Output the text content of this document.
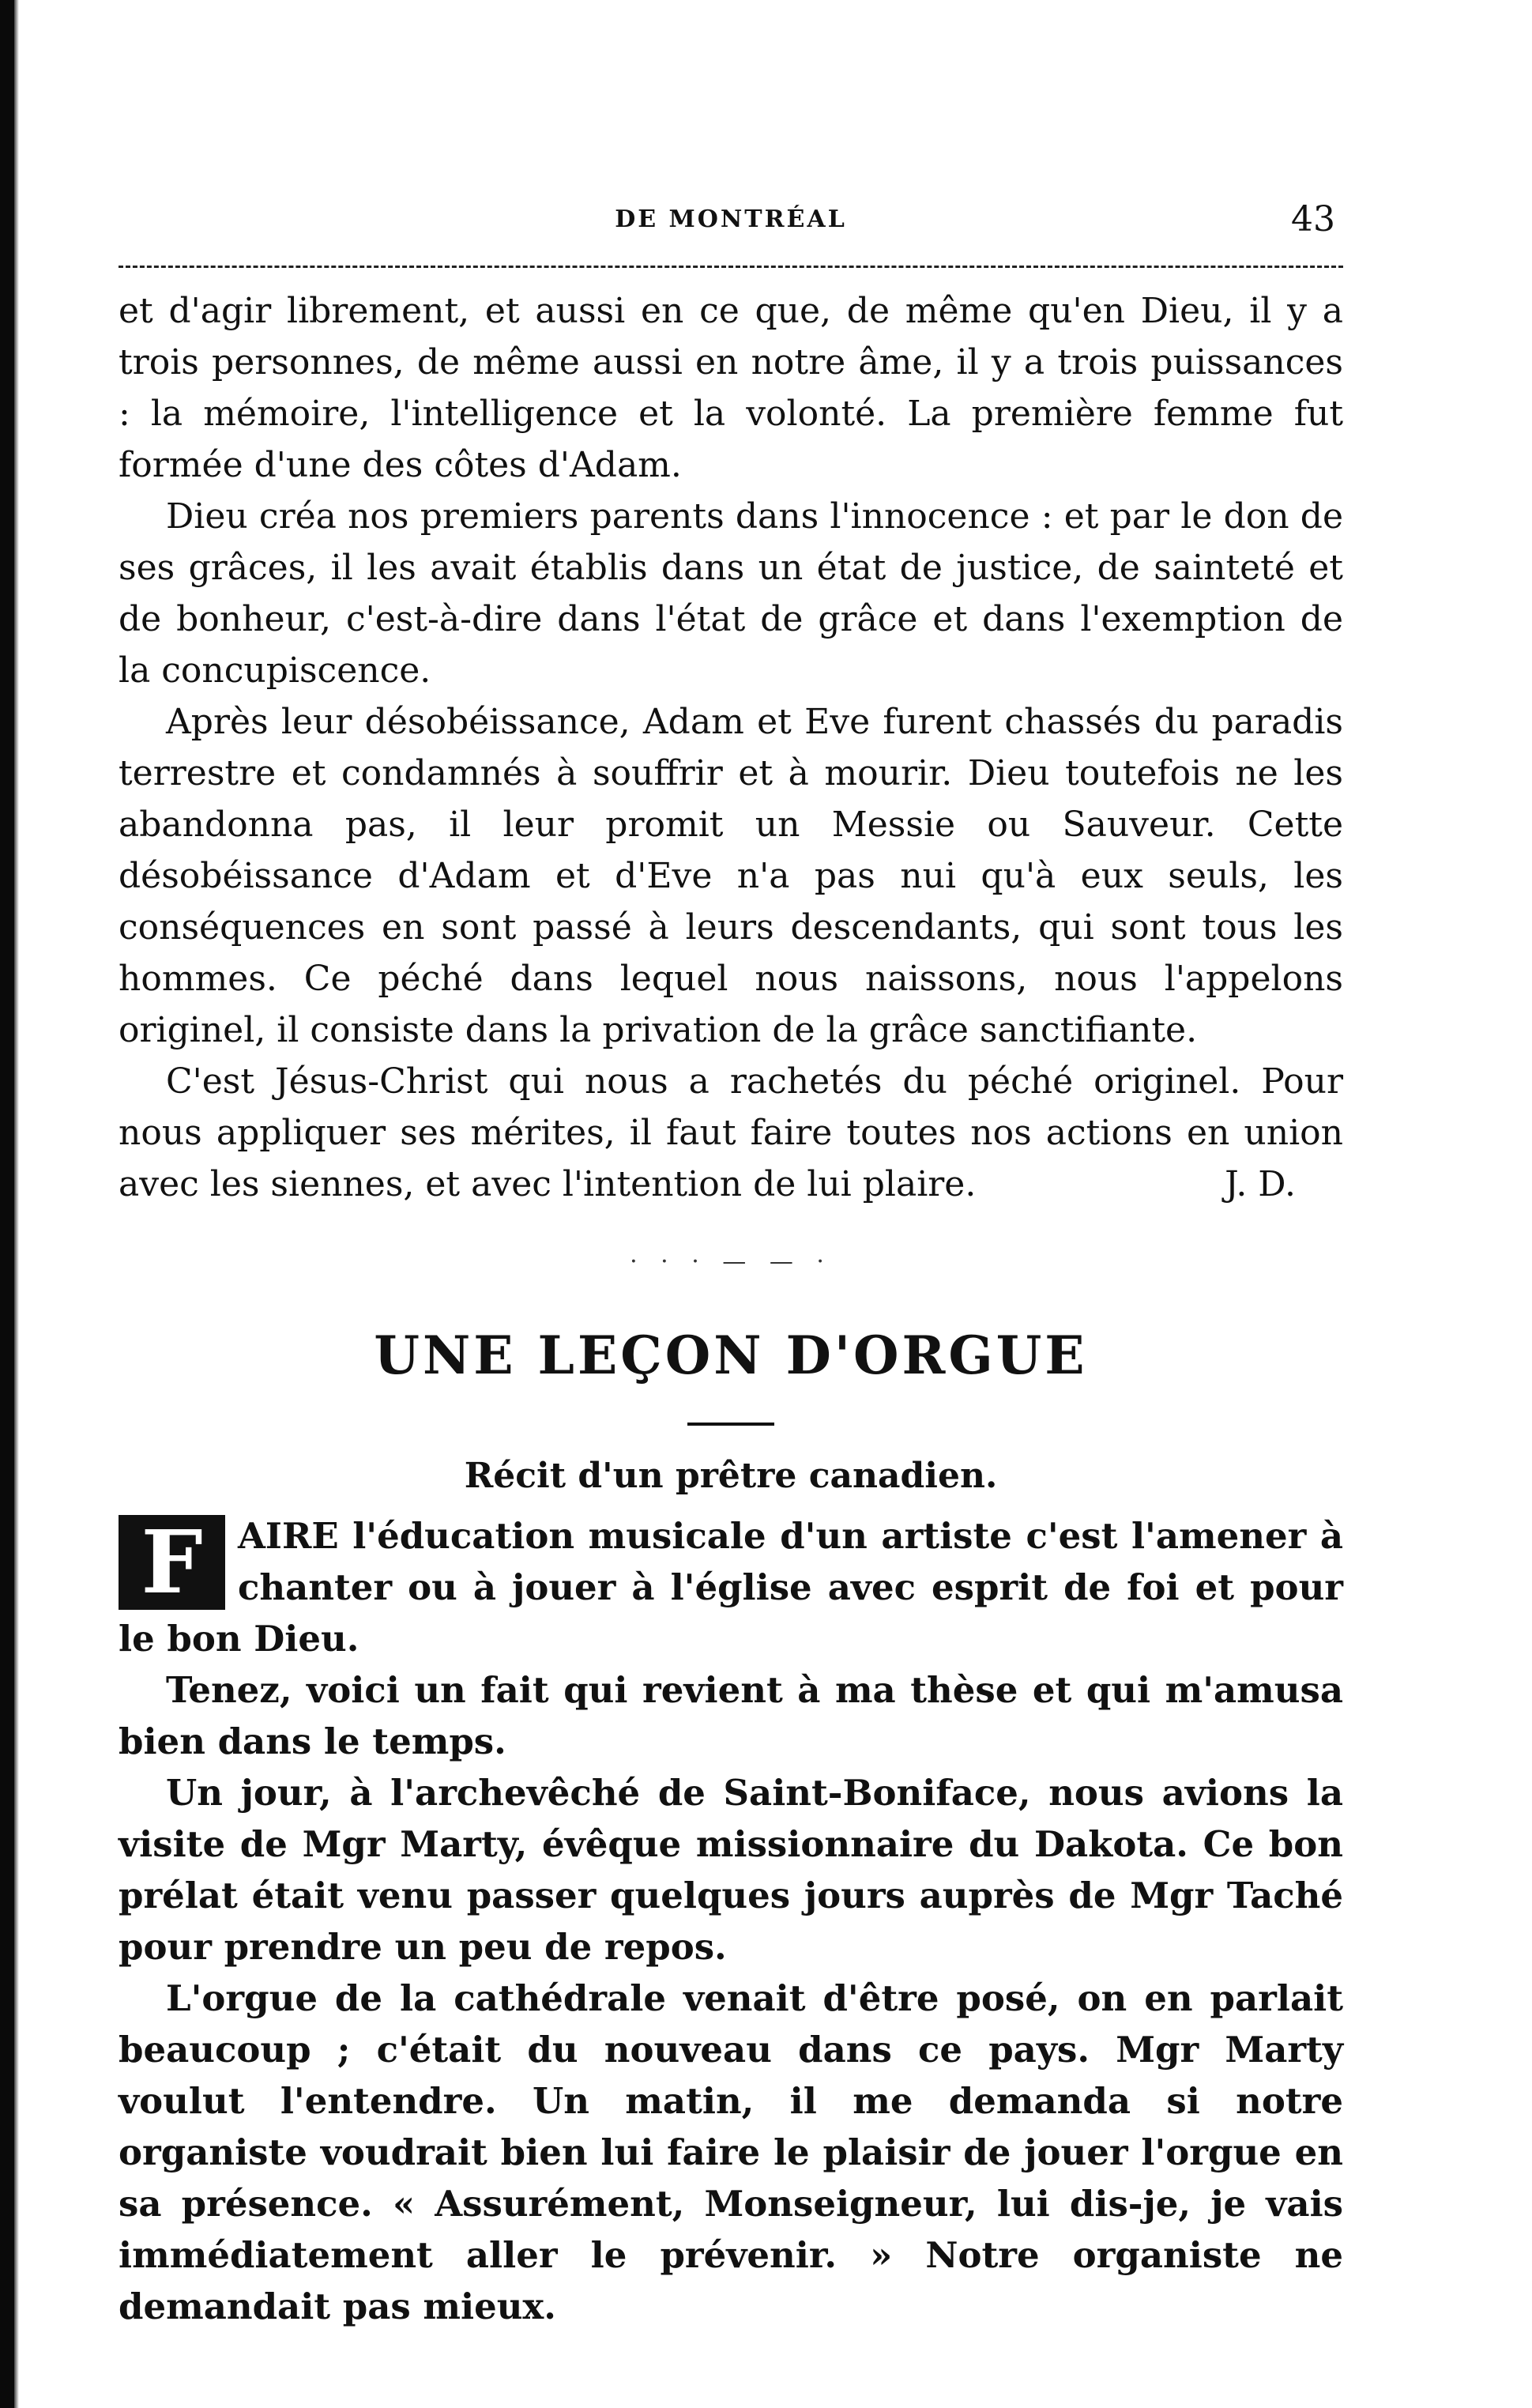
DE MONTRÉAL	43

et d'agir librement, et aussi en ce que, de même qu'en Dieu, il y a trois personnes, de même aussi en notre âme, il y a trois puissances : la mémoire, l'intelligence et la volonté. La première femme fut formée d'une des côtes d'Adam.

Dieu créa nos premiers parents dans l'innocence : et par le don de ses grâces, il les avait établis dans un état de justice, de sainteté et de bonheur, c'est-à-dire dans l'état de grâce et dans l'exemption de la concupiscence.

Après leur désobéissance, Adam et Eve furent chassés du paradis terrestre et condamnés à souffrir et à mourir. Dieu toutefois ne les abandonna pas, il leur promit un Messie ou Sauveur. Cette désobéissance d'Adam et d'Eve n'a pas nui qu'à eux seuls, les conséquences en sont passé à leurs descendants, qui sont tous les hommes. Ce péché dans lequel nous naissons, nous l'appelons originel, il consiste dans la privation de la grâce sanctifiante.

C'est Jésus-Christ qui nous a rachetés du péché originel. Pour nous appliquer ses mérites, il faut faire toutes nos actions en union avec les siennes, et avec l'intention de lui plaire.	J. D.

· · · — — ·
UNE LEÇON D'ORGUE
Récit d'un prêtre canadien.

F AIRE l'éducation musicale d'un artiste c'est l'amener à chanter ou à jouer à l'église avec esprit de foi et pour le bon Dieu.

Tenez, voici un fait qui revient à ma thèse et qui m'amusa bien dans le temps.

Un jour, à l'archevêché de Saint-Boniface, nous avions la visite de Mgr Marty, évêque missionnaire du Dakota. Ce bon prélat était venu passer quelques jours auprès de Mgr Taché pour prendre un peu de repos.

L'orgue de la cathédrale venait d'être posé, on en parlait beaucoup ; c'était du nouveau dans ce pays. Mgr Marty voulut l'entendre. Un matin, il me demanda si notre organiste voudrait bien lui faire le plaisir de jouer l'orgue en sa présence. « Assurément, Monseigneur, lui dis-je, je vais immédiatement aller le prévenir. » Notre organiste ne demandait pas mieux.
